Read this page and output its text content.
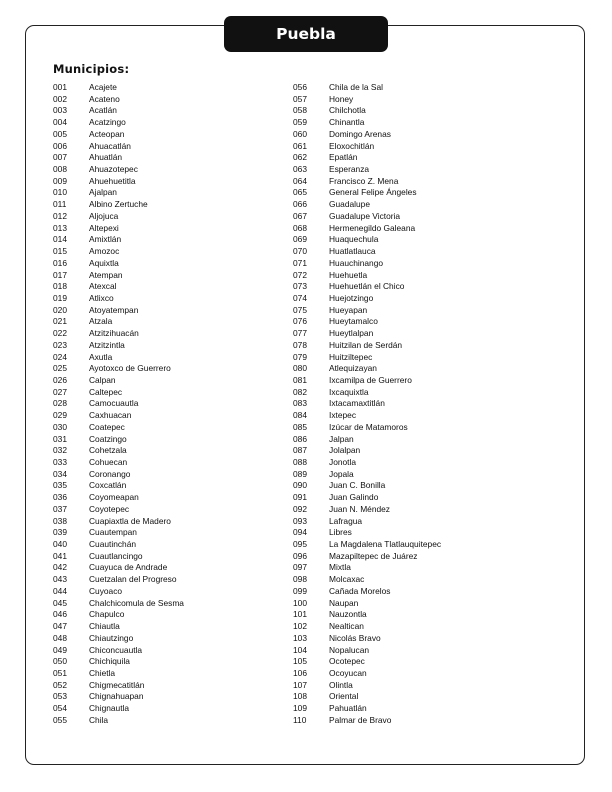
Puebla
Municipios:
001	Acajete
002	Acateno
003	Acatlán
004	Acatzingo
005	Acteopan
006	Ahuacatlán
007	Ahuatlán
008	Ahuazotepec
009	Ahuehuetitla
010	Ajalpan
011	Albino Zertuche
012	Aljojuca
013	Altepexi
014	Amixtlán
015	Amozoc
016	Aquixtla
017	Atempan
018	Atexcal
019	Atlixco
020	Atoyatempan
021	Atzala
022	Atzitzihuacán
023	Atzitzintla
024	Axutla
025	Ayotoxco de Guerrero
026	Calpan
027	Caltepec
028	Camocuautla
029	Caxhuacan
030	Coatepec
031	Coatzingo
032	Cohetzala
033	Cohuecan
034	Coronango
035	Coxcatlán
036	Coyomeapan
037	Coyotepec
038	Cuapiaxtla de Madero
039	Cuautempan
040	Cuautinchán
041	Cuautlancingo
042	Cuayuca de Andrade
043	Cuetzalan del Progreso
044	Cuyoaco
045	Chalchicomula de Sesma
046	Chapulco
047	Chiautla
048	Chiautzingo
049	Chiconcuautla
050	Chichiquila
051	Chietla
052	Chigmecatitlán
053	Chignahuapan
054	Chignautla
055	Chila
056	Chila de la Sal
057	Honey
058	Chilchotla
059	Chinantla
060	Domingo Arenas
061	Eloxochitlán
062	Epatlán
063	Esperanza
064	Francisco Z. Mena
065	General Felipe Ángeles
066	Guadalupe
067	Guadalupe Victoria
068	Hermenegildo Galeana
069	Huaquechula
070	Huatlatlauca
071	Huauchinango
072	Huehuetla
073	Huehuetlán el Chico
074	Huejotzingo
075	Hueyapan
076	Hueytamalco
077	Hueytlalpan
078	Huitzilan de Serdán
079	Huitziltepec
080	Atlequizayan
081	Ixcamilpa de Guerrero
082	Ixcaquixtla
083	Ixtacamaxtitlán
084	Ixtepec
085	Izúcar de Matamoros
086	Jalpan
087	Jolalpan
088	Jonotla
089	Jopala
090	Juan C. Bonilla
091	Juan Galindo
092	Juan N. Méndez
093	Lafragua
094	Libres
095	La Magdalena Tlatlauquitepec
096	Mazapiltepec de Juárez
097	Mixtla
098	Molcaxac
099	Cañada Morelos
100	Naupan
101	Nauzontla
102	Nealtican
103	Nicolás Bravo
104	Nopalucan
105	Ocotepec
106	Ocoyucan
107	Olintla
108	Oriental
109	Pahuatlán
110	Palmar de Bravo
